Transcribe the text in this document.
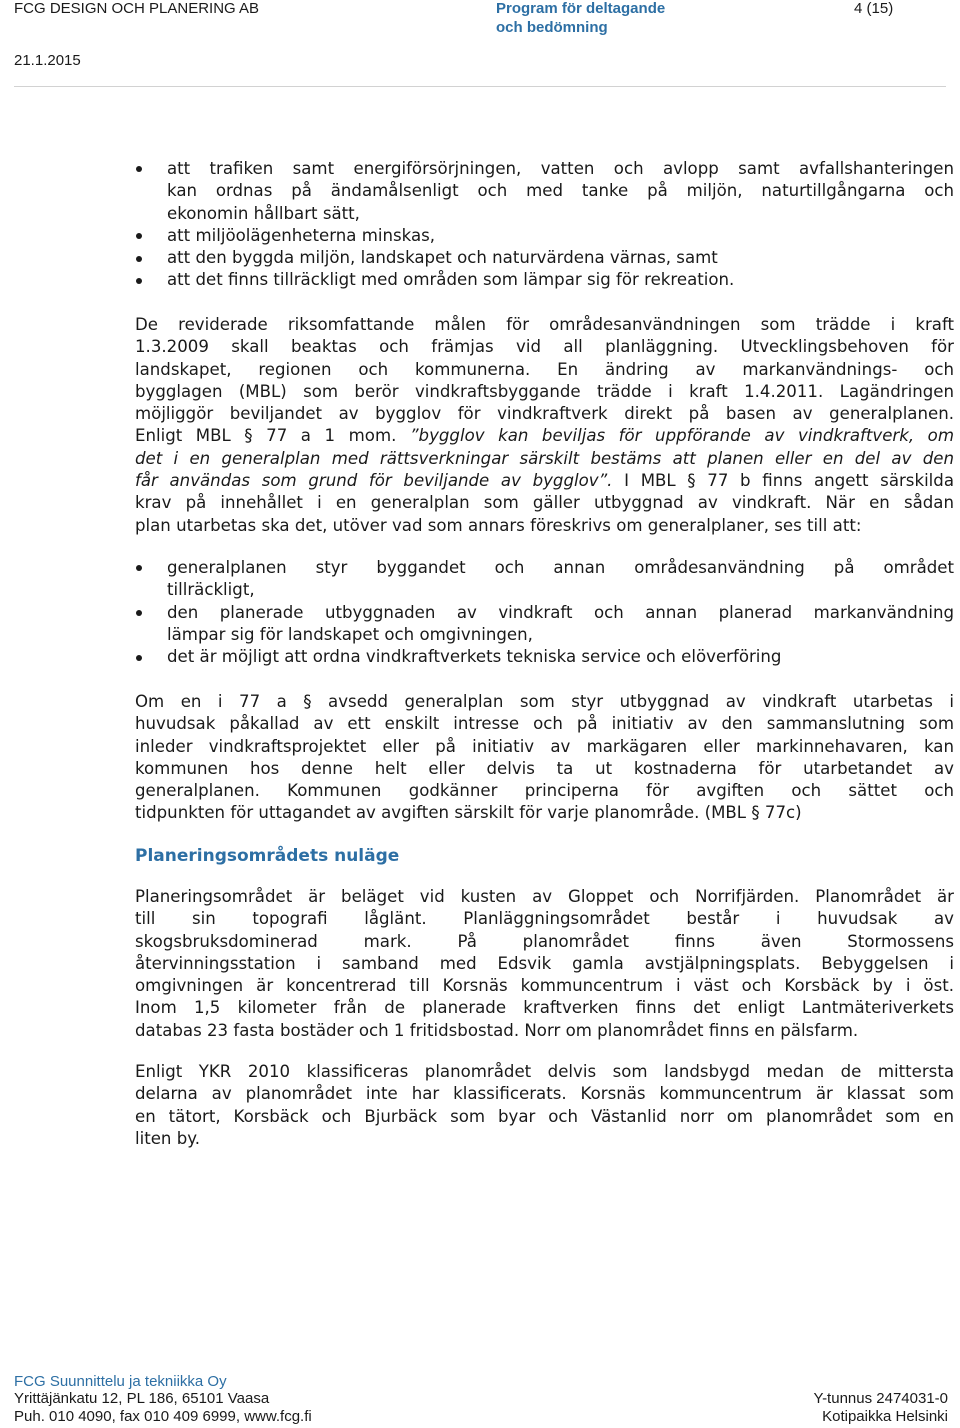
FCG DESIGN OCH PLANERING AB
21.1.2015
Program för deltagande
och bedömning
4 (15)
att trafiken samt energiförsörjningen, vatten och avlopp samt avfallshanteringen
kan ordnas på ändamålsenligt och med tanke på miljön, naturtillgångarna och
ekonomin hållbart sätt,
att miljöolägenheterna minskas,
att den byggda miljön, landskapet och naturvärdena värnas, samt
att det finns tillräckligt med områden som lämpar sig för rekreation.
De reviderade riksomfattande målen för områdesanvändningen som trädde i kraft
1.3.2009 skall beaktas och främjas vid all planläggning. Utvecklingsbehoven för
landskapet, regionen och kommunerna. En ändring av markanvändnings- och
bygglagen (MBL) som berör vindkraftsbyggande trädde i kraft 1.4.2011. Lagändringen
möjliggör beviljandet av bygglov för vindkraftverk direkt på basen av generalplanen.
Enligt MBL § 77 a 1 mom. ”bygglov kan beviljas för uppförande av vindkraftverk, om
det i en generalplan med rättsverkningar särskilt bestäms att planen eller en del av den
får användas som grund för beviljande av bygglov”. I MBL § 77 b finns angett särskilda
krav på innehållet i en generalplan som gäller utbyggnad av vindkraft. När en sådan
plan utarbetas ska det, utöver vad som annars föreskrivs om generalplaner, ses till att:
generalplanen styr byggandet och annan områdesanvändning på området
tillräckligt,
den planerade utbyggnaden av vindkraft och annan planerad markanvändning
lämpar sig för landskapet och omgivningen,
det är möjligt att ordna vindkraftverkets tekniska service och elöverföring
Om en i 77 a § avsedd generalplan som styr utbyggnad av vindkraft utarbetas i
huvudsak påkallad av ett enskilt intresse och på initiativ av den sammanslutning som
inleder vindkraftsprojektet eller på initiativ av markägaren eller markinnehavaren, kan
kommunen hos denne helt eller delvis ta ut kostnaderna för utarbetandet av
generalplanen. Kommunen godkänner principerna för avgiften och sättet och
tidpunkten för uttagandet av avgiften särskilt för varje planområde. (MBL § 77c)
Planeringsområdets nuläge
Planeringsområdet är beläget vid kusten av Gloppet och Norrifjärden. Planområdet är
till sin topografi låglänt. Planläggningsområdet består i huvudsak av
skogsbruksdominerad mark. På planområdet finns även Stormossens
återvinningsstation i samband med Edsvik gamla avstjälpningsplats. Bebyggelsen i
omgivningen är koncentrerad till Korsnäs kommuncentrum i väst och Korsbäck by i öst.
Inom 1,5 kilometer från de planerade kraftverken finns det enligt Lantmäteriverkets
databas 23 fasta bostäder och 1 fritidsbostad. Norr om planområdet finns en pälsfarm.
Enligt YKR 2010 klassificeras planområdet delvis som landsbygd medan de mittersta
delarna av planområdet inte har klassificerats. Korsnäs kommuncentrum är klassat som
en tätort, Korsbäck och Bjurbäck som byar och Västanlid norr om planområdet som en
liten by.
FCG Suunnittelu ja tekniikka Oy
Yrittäjänkatu 12, PL 186, 65101 Vaasa
Puh. 010 4090, fax 010 409 6999, www.fcg.fi
Y-tunnus 2474031-0
Kotipaikka Helsinki
